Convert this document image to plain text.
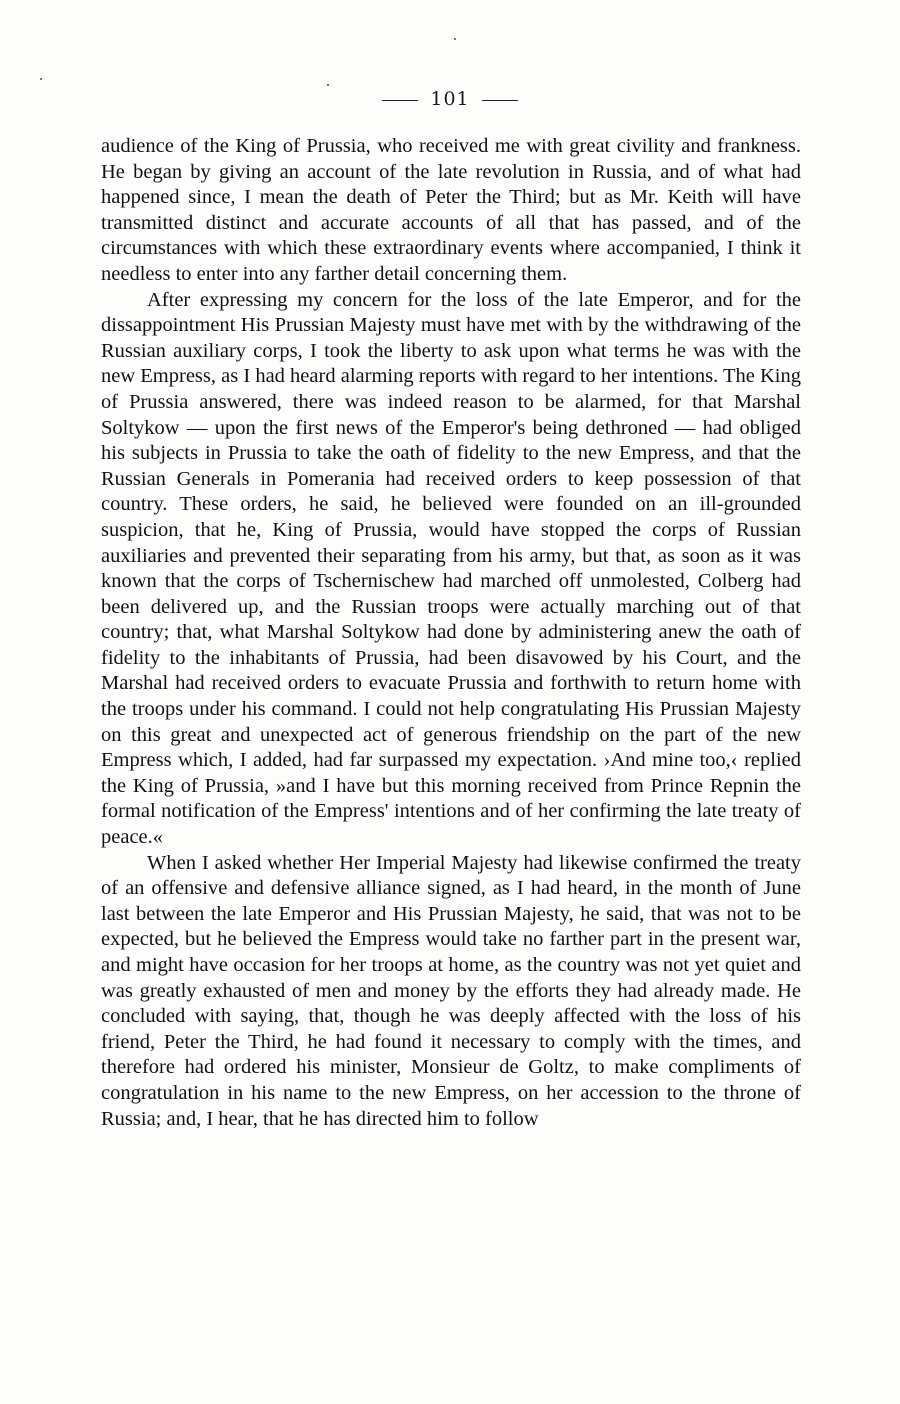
101

audience of the King of Prussia, who received me with great civility and frankness. He began by giving an account of the late revolution in Russia, and of what had happened since, I mean the death of Peter the Third; but as Mr. Keith will have transmitted distinct and accurate accounts of all that has passed, and of the circumstances with which these extraordinary events where accompanied, I think it needless to enter into any farther detail concerning them.

After expressing my concern for the loss of the late Emperor, and for the dissappointment His Prussian Majesty must have met with by the withdrawing of the Russian auxiliary corps, I took the liberty to ask upon what terms he was with the new Empress, as I had heard alarming reports with regard to her intentions. The King of Prussia answered, there was indeed reason to be alarmed, for that Marshal Soltykow — upon the first news of the Emperor's being dethroned — had obliged his subjects in Prussia to take the oath of fidelity to the new Empress, and that the Russian Generals in Pomerania had received orders to keep possession of that country. These orders, he said, he believed were founded on an ill-grounded suspicion, that he, King of Prussia, would have stopped the corps of Russian auxiliaries and prevented their separating from his army, but that, as soon as it was known that the corps of Tschernischew had marched off unmolested, Colberg had been delivered up, and the Russian troops were actually marching out of that country; that, what Marshal Soltykow had done by administering anew the oath of fidelity to the inhabitants of Prussia, had been disavowed by his Court, and the Marshal had received orders to evacuate Prussia and forthwith to return home with the troops under his command. I could not help congratulating His Prussian Majesty on this great and unexpected act of generous friendship on the part of the new Empress which, I added, had far surpassed my expectation. ›And mine too,‹ replied the King of Prussia, »and I have but this morning received from Prince Repnin the formal notification of the Empress' intentions and of her confirming the late treaty of peace.«

When I asked whether Her Imperial Majesty had likewise confirmed the treaty of an offensive and defensive alliance signed, as I had heard, in the month of June last between the late Emperor and His Prussian Majesty, he said, that was not to be expected, but he believed the Empress would take no farther part in the present war, and might have occasion for her troops at home, as the country was not yet quiet and was greatly exhausted of men and money by the efforts they had already made. He concluded with saying, that, though he was deeply affected with the loss of his friend, Peter the Third, he had found it necessary to comply with the times, and therefore had ordered his minister, Monsieur de Goltz, to make compliments of congratulation in his name to the new Empress, on her accession to the throne of Russia; and, I hear, that he has directed him to follow
